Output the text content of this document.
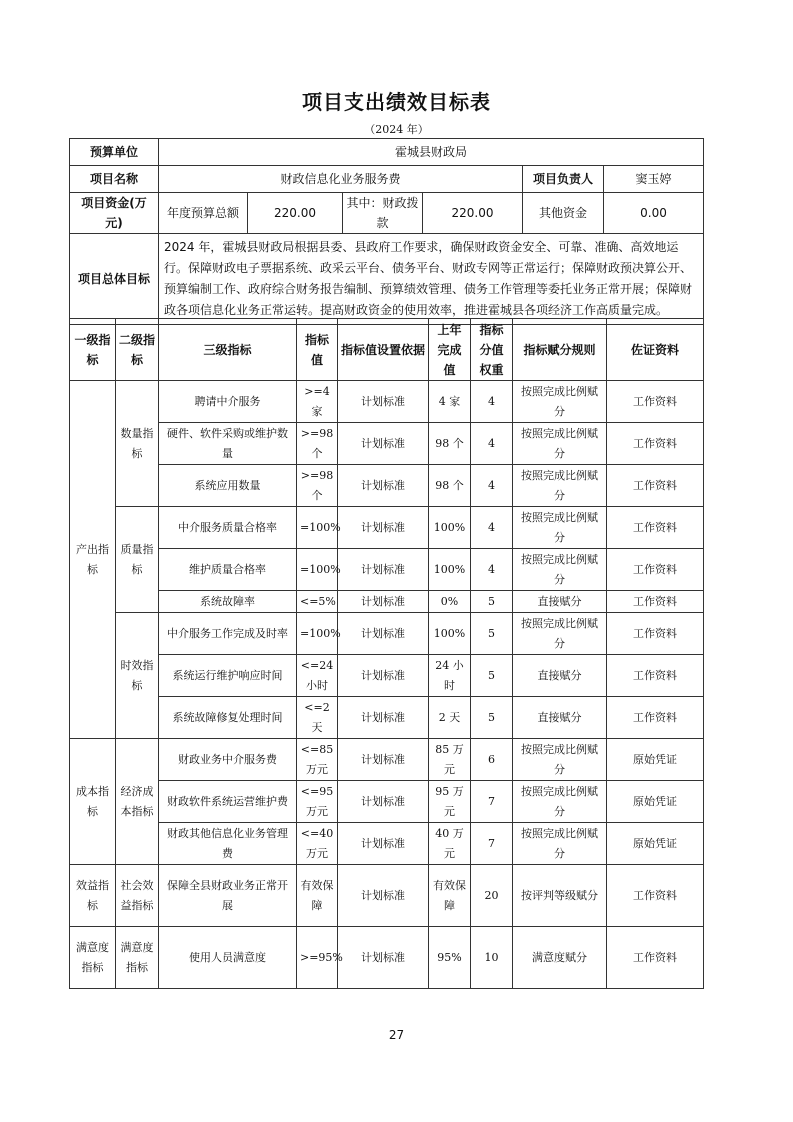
项目支出绩效目标表
（2024 年）
预算单位	霍城县财政局					
项目名称	财政信息化业务服务费				项目负责人	窦玉婷
项目资金(万元)	年度预算总额	220.00	其中：财政拨款	220.00	其他资金	0.00
项目总体目标	2024 年，霍城县财政局根据县委、县政府工作要求，确保财政资金安全、可靠、准确、高效地运行。保障财政电子票据系统、政采云平台、债务平台、财政专网等正常运行；保障财政预决算公开、预算编制工作、政府综合财务报告编制、预算绩效管理、债务工作管理等委托业务正常开展；保障财政各项信息化业务正常运转。提高财政资金的使用效率，推进霍城县各项经济工作高质量完成。					
一级指标	二级指标	三级指标	指标值	指标值设置依据	上年完成值	指标分值权重	指标赋分规则	佐证资料
产出指标	数量指标	聘请中介服务	>=4家	计划标准	4 家	4	按照完成比例赋分	工作资料
		硬件、软件采购或维护数量	>=98个	计划标准	98 个	4	按照完成比例赋分	工作资料
		系统应用数量	>=98个	计划标准	98 个	4	按照完成比例赋分	工作资料
	质量指标	中介服务质量合格率	=100%	计划标准	100%	4	按照完成比例赋分	工作资料
		维护质量合格率	=100%	计划标准	100%	4	按照完成比例赋分	工作资料
		系统故障率	<=5%	计划标准	0%	5	直接赋分	工作资料
	时效指标	中介服务工作完成及时率	=100%	计划标准	100%	5	按照完成比例赋分	工作资料
		系统运行维护响应时间	<=24小时	计划标准	24 小时	5	直接赋分	工作资料
		系统故障修复处理时间	<=2天	计划标准	2 天	5	直接赋分	工作资料
成本指标	经济成本指标	财政业务中介服务费	<=85万元	计划标准	85 万元	6	按照完成比例赋分	原始凭证
		财政软件系统运营维护费	<=95万元	计划标准	95 万元	7	按照完成比例赋分	原始凭证
		财政其他信息化业务管理费	<=40万元	计划标准	40 万元	7	按照完成比例赋分	原始凭证
效益指标	社会效益指标	保障全县财政业务正常开展	有效保障	计划标准	有效保障	20	按评判等级赋分	工作资料
满意度指标	满意度指标	使用人员满意度	>=95%	计划标准	95%	10	满意度赋分	工作资料
27
